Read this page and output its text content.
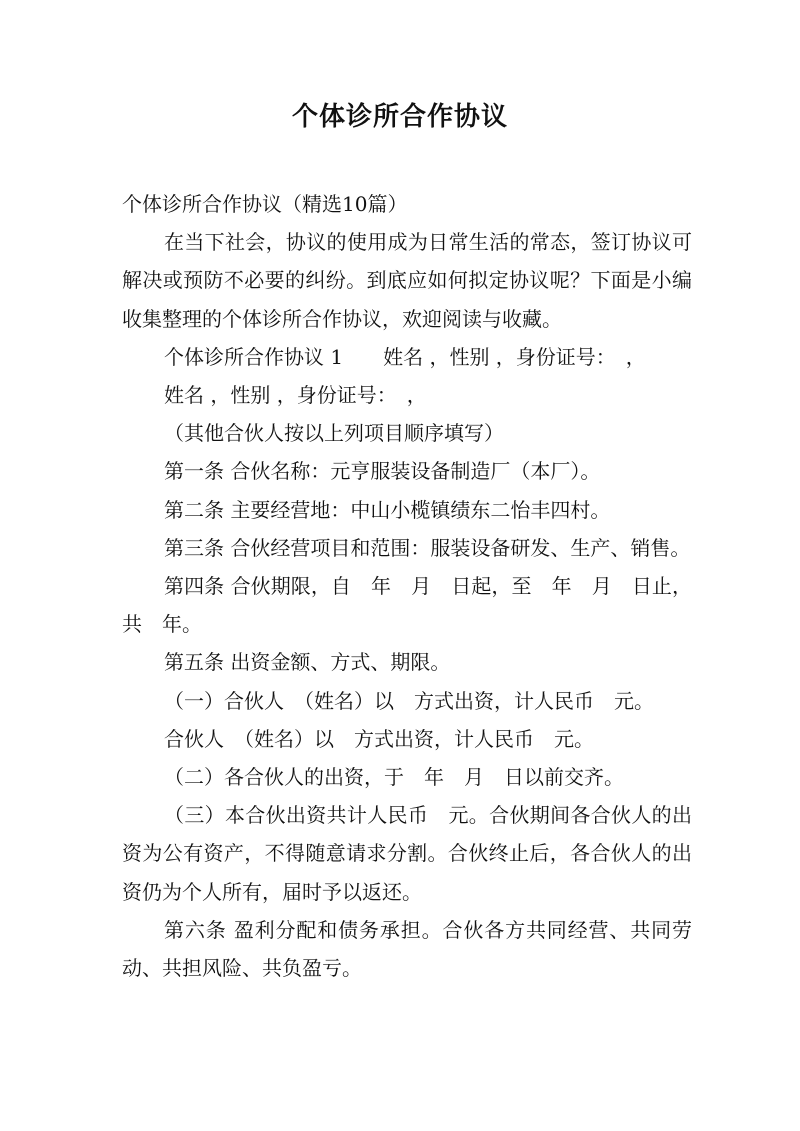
个体诊所合作协议

个体诊所合作协议（精选10篇）

在当下社会，协议的使用成为日常生活的常态，签订协议可解决或预防不必要的纠纷。到底应如何拟定协议呢？下面是小编收集整理的个体诊所合作协议，欢迎阅读与收藏。

个体诊所合作协议 1　　姓名 ，性别 ，身份证号：　，

姓名 ，性别 ，身份证号：　，

（其他合伙人按以上列项目顺序填写）

第一条 合伙名称：元亨服装设备制造厂（本厂）。

第二条 主要经营地：中山小榄镇绩东二怡丰四村。

第三条 合伙经营项目和范围：服装设备研发、生产、销售。

第四条 合伙期限，自　年　月　日起，至　年　月　日止，共　年。

第五条 出资金额、方式、期限。

（一）合伙人　（姓名）以　方式出资，计人民币　元。

合伙人　（姓名）以　方式出资，计人民币　元。

（二）各合伙人的出资，于　年　月　日以前交齐。

（三）本合伙出资共计人民币　元。合伙期间各合伙人的出资为公有资产，不得随意请求分割。合伙终止后，各合伙人的出资仍为个人所有，届时予以返还。

第六条 盈利分配和债务承担。合伙各方共同经营、共同劳动、共担风险、共负盈亏。
